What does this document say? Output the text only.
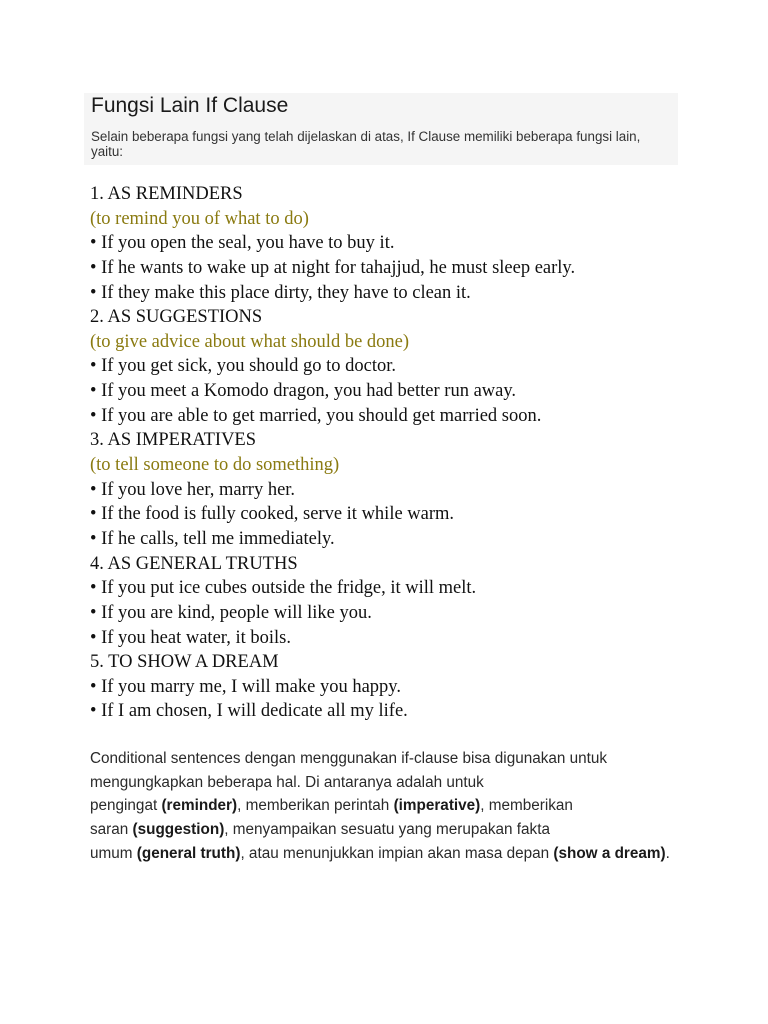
Fungsi Lain If Clause
Selain beberapa fungsi yang telah dijelaskan di atas, If Clause memiliki beberapa fungsi lain, yaitu:
1. AS REMINDERS
(to remind you of what to do)
• If you open the seal, you have to buy it.
• If he wants to wake up at night for tahajjud, he must sleep early.
• If they make this place dirty, they have to clean it.
2. AS SUGGESTIONS
(to give advice about what should be done)
• If you get sick, you should go to doctor.
• If you meet a Komodo dragon, you had better run away.
• If you are able to get married, you should get married soon.
3. AS IMPERATIVES
(to tell someone to do something)
• If you love her, marry her.
• If the food is fully cooked, serve it while warm.
• If he calls, tell me immediately.
4. AS GENERAL TRUTHS
• If you put ice cubes outside the fridge, it will melt.
• If you are kind, people will like you.
• If you heat water, it boils.
5. TO SHOW A DREAM
• If you marry me, I will make you happy.
• If I am chosen, I will dedicate all my life.
Conditional sentences dengan menggunakan if-clause bisa digunakan untuk mengungkapkan beberapa hal. Di antaranya adalah untuk
pengingat (reminder), memberikan perintah (imperative), memberikan
saran (suggestion), menyampaikan sesuatu yang merupakan fakta
umum (general truth), atau menunjukkan impian akan masa depan (show a dream).
